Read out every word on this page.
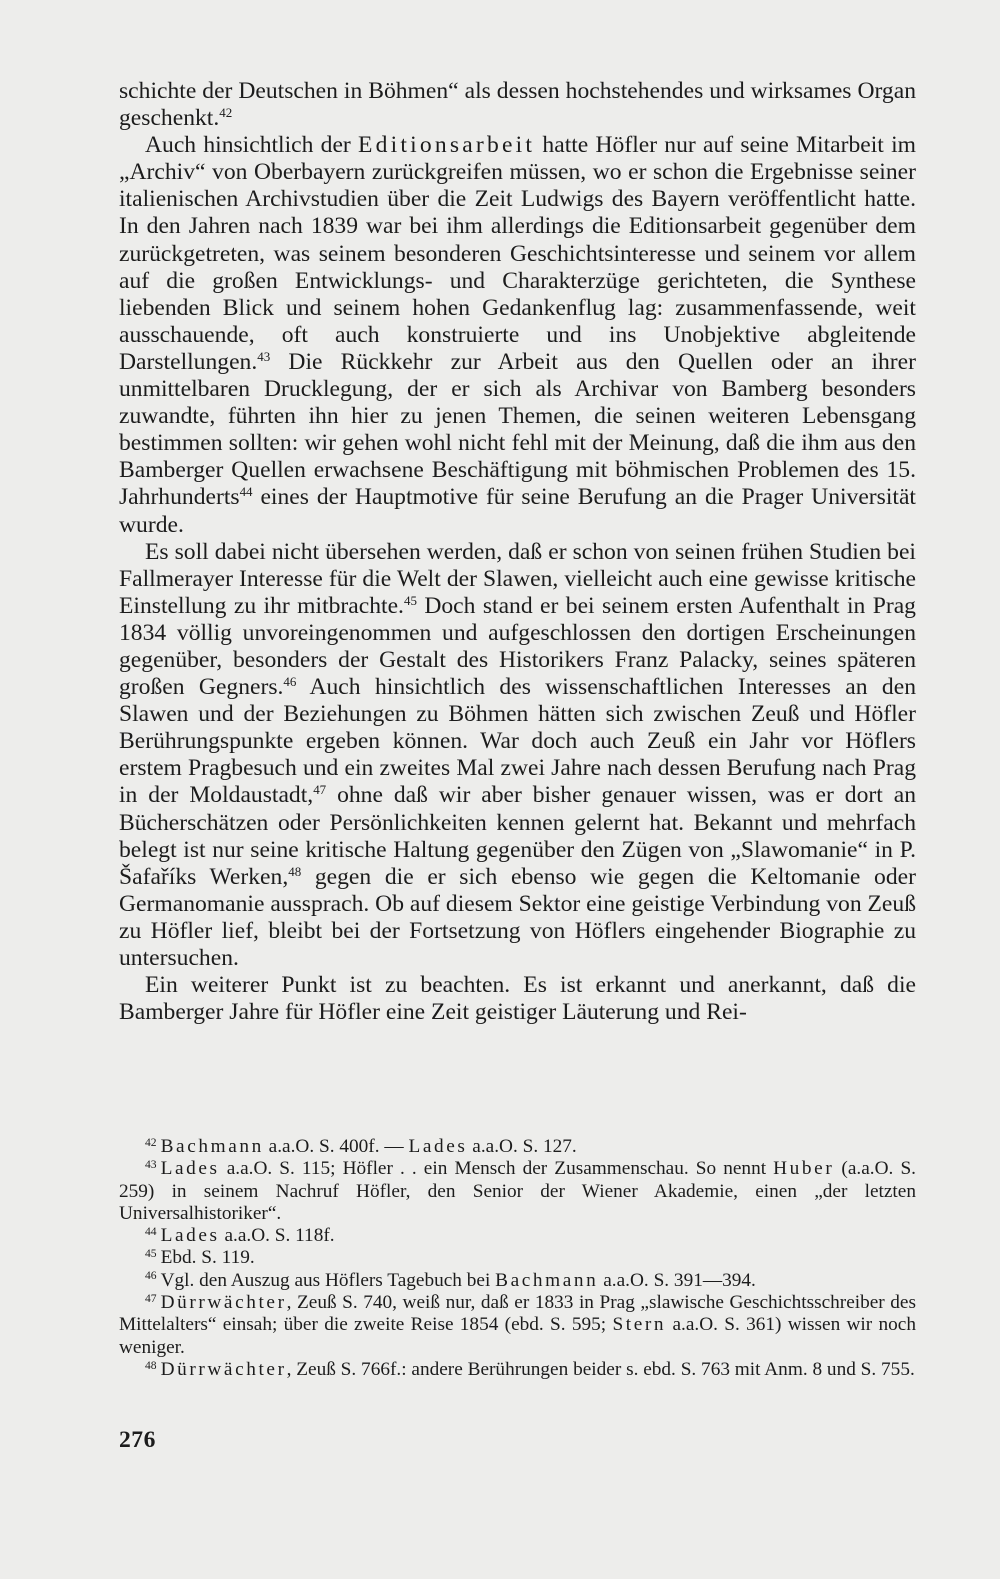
schichte der Deutschen in Böhmen“ als dessen hochstehendes und wirksames Organ geschenkt.$^{42}$

Auch hinsichtlich der Editionsarbeit hatte Höfler nur auf seine Mitarbeit im „Archiv“ von Oberbayern zurückgreifen müssen, wo er schon die Ergebnisse seiner italienischen Archivstudien über die Zeit Ludwigs des Bayern veröffentlicht hatte. In den Jahren nach 1839 war bei ihm allerdings die Editionsarbeit gegenüber dem zurückgetreten, was seinem besonderen Geschichtsinteresse und seinem vor allem auf die großen Entwicklungs- und Charakterzüge gerichteten, die Synthese liebenden Blick und seinem hohen Gedankenflug lag: zusammenfassende, weit ausschauende, oft auch konstruierte und ins Unobjektive abgleitende Darstellungen.$^{43}$ Die Rückkehr zur Arbeit aus den Quellen oder an ihrer unmittelbaren Drucklegung, der er sich als Archivar von Bamberg besonders zuwandte, führten ihn hier zu jenen Themen, die seinen weiteren Lebensgang bestimmen sollten: wir gehen wohl nicht fehl mit der Meinung, daß die ihm aus den Bamberger Quellen erwachsene Beschäftigung mit böhmischen Problemen des 15. Jahrhunderts$^{44}$ eines der Hauptmotive für seine Berufung an die Prager Universität wurde.

Es soll dabei nicht übersehen werden, daß er schon von seinen frühen Studien bei Fallmerayer Interesse für die Welt der Slawen, vielleicht auch eine gewisse kritische Einstellung zu ihr mitbrachte.$^{45}$ Doch stand er bei seinem ersten Aufenthalt in Prag 1834 völlig unvoreingenommen und aufgeschlossen den dortigen Erscheinungen gegenüber, besonders der Gestalt des Historikers Franz Palacky, seines späteren großen Gegners.$^{46}$ Auch hinsichtlich des wissenschaftlichen Interesses an den Slawen und der Beziehungen zu Böhmen hätten sich zwischen Zeuß und Höfler Berührungspunkte ergeben können. War doch auch Zeuß ein Jahr vor Höflers erstem Pragbesuch und ein zweites Mal zwei Jahre nach dessen Berufung nach Prag in der Moldaustadt,$^{47}$ ohne daß wir aber bisher genauer wissen, was er dort an Bücherschätzen oder Persönlichkeiten kennen gelernt hat. Bekannt und mehrfach belegt ist nur seine kritische Haltung gegenüber den Zügen von „Slawomanie“ in P. Šafaříks Werken,$^{48}$ gegen die er sich ebenso wie gegen die Keltomanie oder Germanomanie aussprach. Ob auf diesem Sektor eine geistige Verbindung von Zeuß zu Höfler lief, bleibt bei der Fortsetzung von Höflers eingehender Biographie zu untersuchen.

Ein weiterer Punkt ist zu beachten. Es ist erkannt und anerkannt, daß die Bamberger Jahre für Höfler eine Zeit geistiger Läuterung und Rei-

$^{42}$ Bachmann a.a.O. S. 400f. — Lades a.a.O. S. 127.

$^{43}$ Lades a.a.O. S. 115; Höfler . . ein Mensch der Zusammenschau. So nennt Huber (a.a.O. S. 259) in seinem Nachruf Höfler, den Senior der Wiener Akademie, einen „der letzten Universalhistoriker“.

$^{44}$ Lades a.a.O. S. 118f.

$^{45}$ Ebd. S. 119.

$^{46}$ Vgl. den Auszug aus Höflers Tagebuch bei Bachmann a.a.O. S. 391—394.

$^{47}$ Dürrwächter, Zeuß S. 740, weiß nur, daß er 1833 in Prag „slawische Geschichtsschreiber des Mittelalters“ einsah; über die zweite Reise 1854 (ebd. S. 595; Stern a.a.O. S. 361) wissen wir noch weniger.

$^{48}$ Dürrwächter, Zeuß S. 766f.: andere Berührungen beider s. ebd. S. 763 mit Anm. 8 und S. 755.

276
